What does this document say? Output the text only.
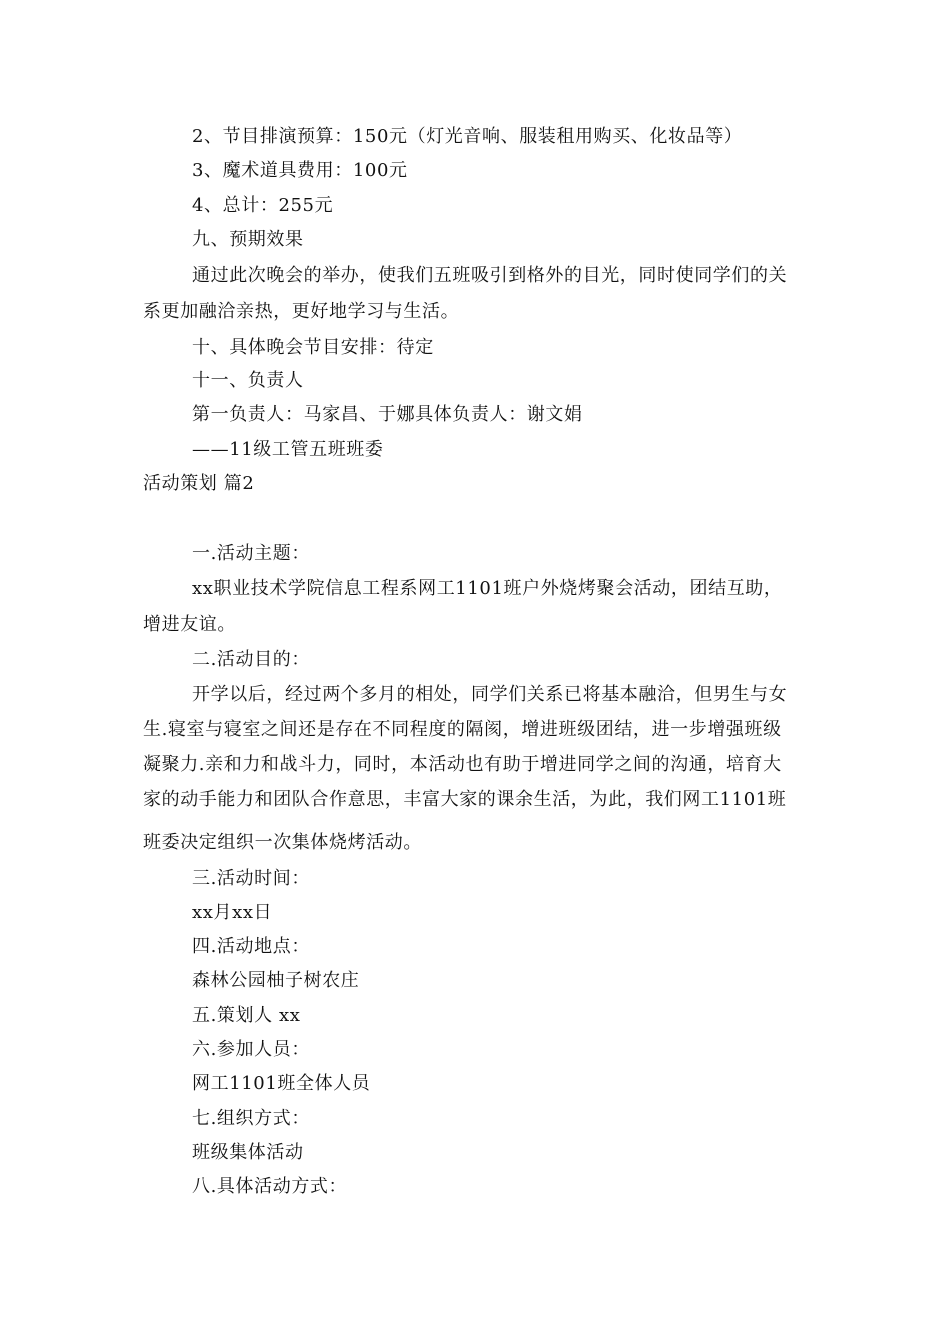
2、节目排演预算：150元（灯光音响、服装租用购买、化妆品等）
3、魔术道具费用：100元
4、总计：255元
九、预期效果
通过此次晚会的举办，使我们五班吸引到格外的目光，同时使同学们的关
系更加融洽亲热，更好地学习与生活。
十、具体晚会节目安排：待定
十一、负责人
第一负责人：马家昌、于娜具体负责人：谢文娟
——11级工管五班班委
活动策划 篇2
一.活动主题：
xx职业技术学院信息工程系网工1101班户外烧烤聚会活动，团结互助，
增进友谊。
二.活动目的：
开学以后，经过两个多月的相处，同学们关系已将基本融洽，但男生与女
生.寝室与寝室之间还是存在不同程度的隔阂，增进班级团结，进一步增强班级
凝聚力.亲和力和战斗力，同时，本活动也有助于增进同学之间的沟通，培育大
家的动手能力和团队合作意思，丰富大家的课余生活，为此，我们网工1101班
班委决定组织一次集体烧烤活动。
三.活动时间：
xx月xx日
四.活动地点：
森林公园柚子树农庄
五.策划人 xx
六.参加人员：
网工1101班全体人员
七.组织方式：
班级集体活动
八.具体活动方式：
